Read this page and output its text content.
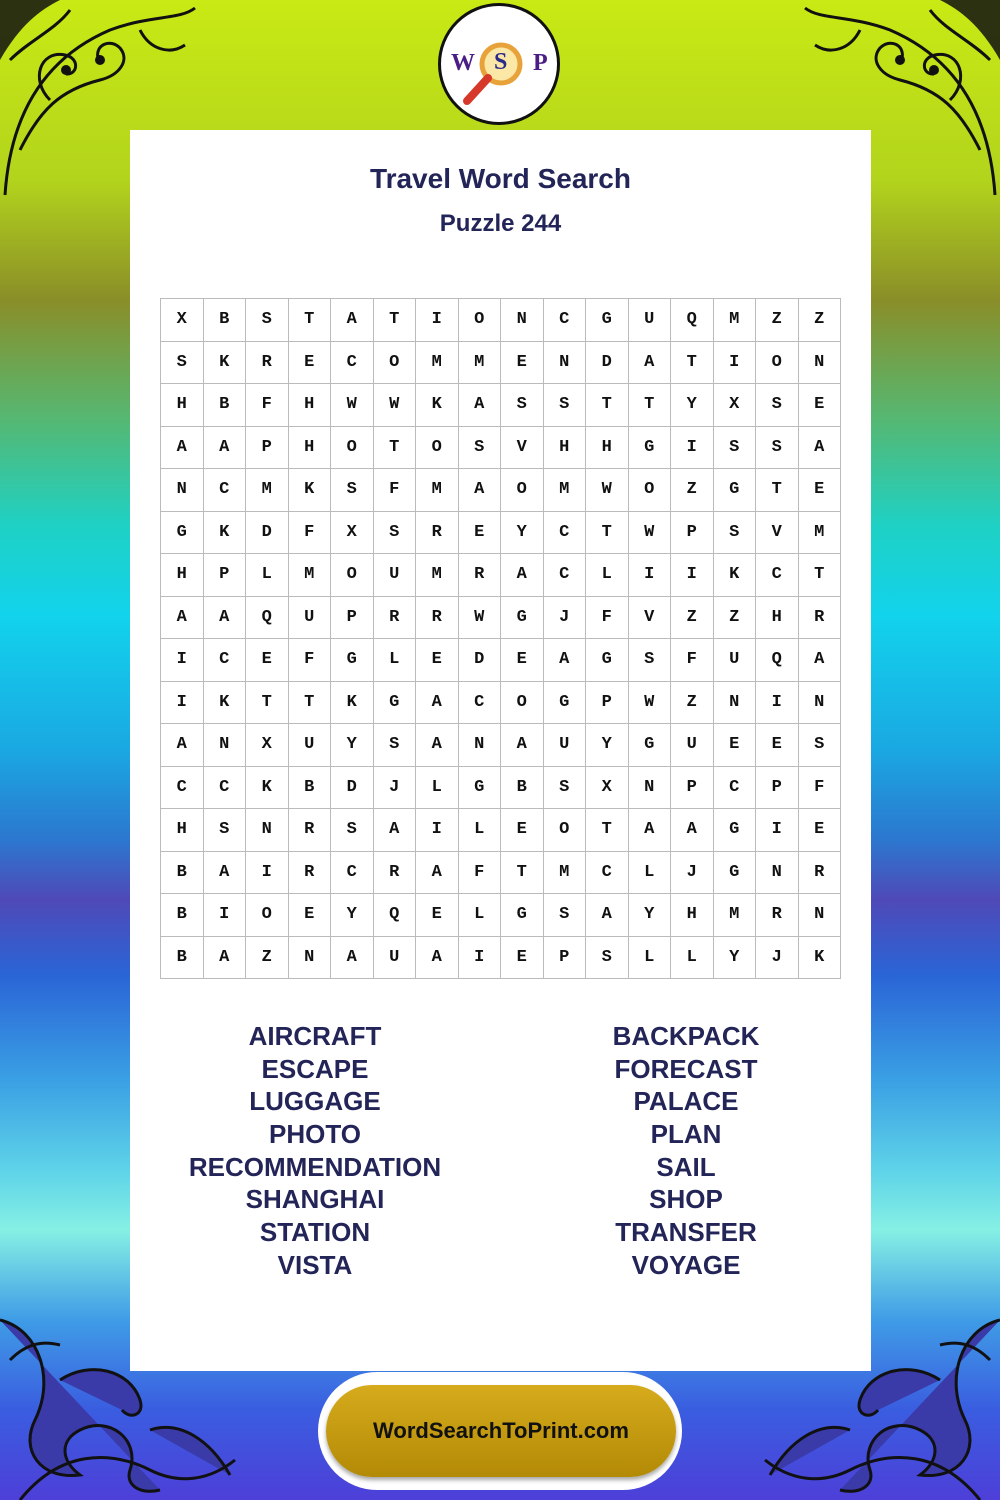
W S P
Travel Word Search
Puzzle 244
X	B	S	T	A	T	I	O	N	C	G	U	Q	M	Z	Z
S	K	R	E	C	O	M	M	E	N	D	A	T	I	O	N
H	B	F	H	W	W	K	A	S	S	T	T	Y	X	S	E
A	A	P	H	O	T	O	S	V	H	H	G	I	S	S	A
N	C	M	K	S	F	M	A	O	M	W	O	Z	G	T	E
G	K	D	F	X	S	R	E	Y	C	T	W	P	S	V	M
H	P	L	M	O	U	M	R	A	C	L	I	I	K	C	T
A	A	Q	U	P	R	R	W	G	J	F	V	Z	Z	H	R
I	C	E	F	G	L	E	D	E	A	G	S	F	U	Q	A
I	K	T	T	K	G	A	C	O	G	P	W	Z	N	I	N
A	N	X	U	Y	S	A	N	A	U	Y	G	U	E	E	S
C	C	K	B	D	J	L	G	B	S	X	N	P	C	P	F
H	S	N	R	S	A	I	L	E	O	T	A	A	G	I	E
B	A	I	R	C	R	A	F	T	M	C	L	J	G	N	R
B	I	O	E	Y	Q	E	L	G	S	A	Y	H	M	R	N
B	A	Z	N	A	U	A	I	E	P	S	L	L	Y	J	K
AIRCRAFT
ESCAPE
LUGGAGE
PHOTO
RECOMMENDATION
SHANGHAI
STATION
VISTA
BACKPACK
FORECAST
PALACE
PLAN
SAIL
SHOP
TRANSFER
VOYAGE
WordSearchToPrint.com
